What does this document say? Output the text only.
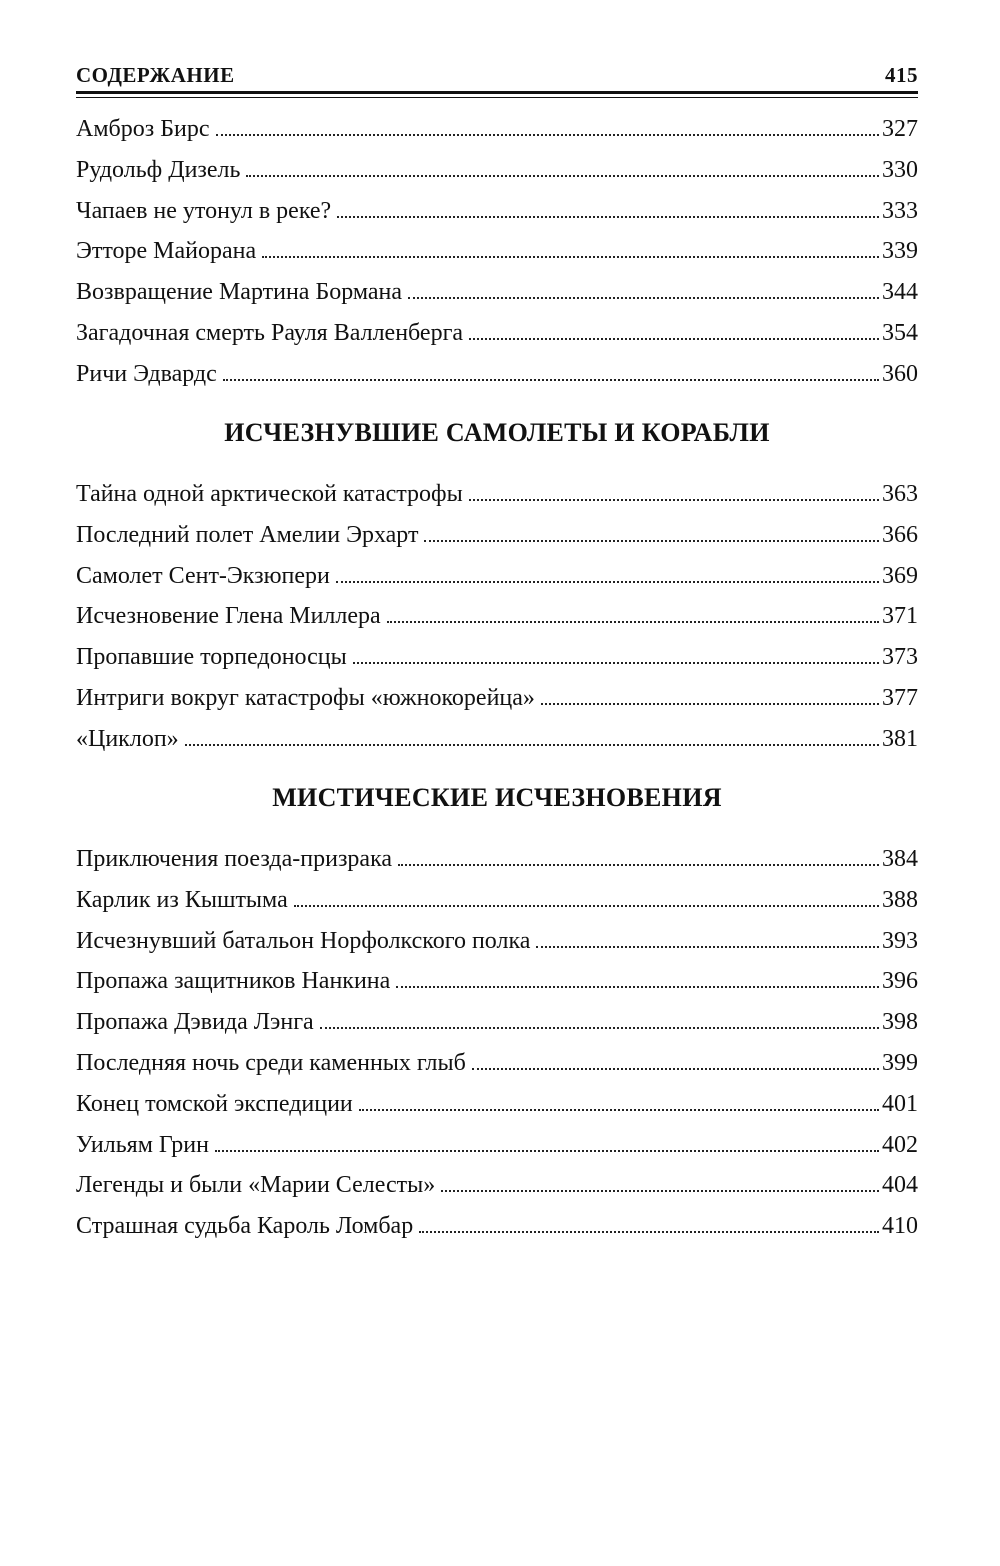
СОДЕРЖАНИЕ	415
Амброз Бирс	327
Рудольф Дизель	330
Чапаев не утонул в реке?	333
Этторе Майорана	339
Возвращение Мартина Бормана	344
Загадочная смерть Рауля Валленберга	354
Ричи Эдвардс	360
ИСЧЕЗНУВШИЕ САМОЛЕТЫ И КОРАБЛИ
Тайна одной арктической катастрофы	363
Последний полет Амелии Эрхарт	366
Самолет Сент-Экзюпери	369
Исчезновение Глена Миллера	371
Пропавшие торпедоносцы	373
Интриги вокруг катастрофы «южнокорейца»	377
«Циклоп»	381
МИСТИЧЕСКИЕ ИСЧЕЗНОВЕНИЯ
Приключения поезда-призрака	384
Карлик из Кыштыма	388
Исчезнувший батальон Норфолкского полка	393
Пропажа защитников Нанкина	396
Пропажа Дэвида Лэнга	398
Последняя ночь среди каменных глыб	399
Конец томской экспедиции	401
Уильям Грин	402
Легенды и были «Марии Селесты»	404
Страшная судьба Кароль Ломбар	410
